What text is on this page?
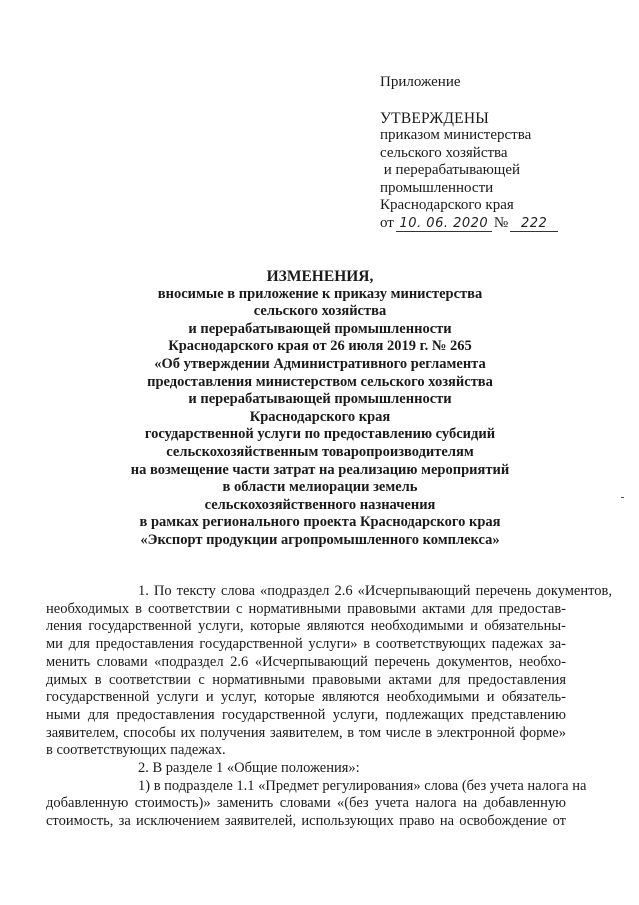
Приложение
УТВЕРЖДЕНЫ
приказом министерства
сельского хозяйства
и перерабатывающей
промышленности
Краснодарского края
от 10. 06. 2020 № 222
ИЗМЕНЕНИЯ,
вносимые в приложение к приказу министерства
сельского хозяйства
и перерабатывающей промышленности
Краснодарского края от 26 июля 2019 г. № 265
«Об утверждении Административного регламента
предоставления министерством сельского хозяйства
и перерабатывающей промышленности
Краснодарского края
государственной услуги по предоставлению субсидий
сельскохозяйственным товаропроизводителям
на возмещение части затрат на реализацию мероприятий
в области мелиорации земель
сельскохозяйственного назначения
в рамках регионального проекта Краснодарского края
«Экспорт продукции агропромышленного комплекса»
1. По тексту слова «подраздел 2.6 «Исчерпывающий перечень документов,
необходимых в соответствии с нормативными правовыми актами для предостав-
ления государственной услуги, которые являются необходимыми и обязательны-
ми для предоставления государственной услуги» в соответствующих падежах за-
менить словами «подраздел 2.6 «Исчерпывающий перечень документов, необхо-
димых в соответствии с нормативными правовыми актами для предоставления
государственной услуги и услуг, которые являются необходимыми и обязатель-
ными для предоставления государственной услуги, подлежащих представлению
заявителем, способы их получения заявителем, в том числе в электронной форме»
в соответствующих падежах.
2. В разделе 1 «Общие положения»:
1) в подразделе 1.1 «Предмет регулирования» слова (без учета налога на
добавленную стоимость)» заменить словами «(без учета налога на добавленную
стоимость, за исключением заявителей, использующих право на освобождение от
